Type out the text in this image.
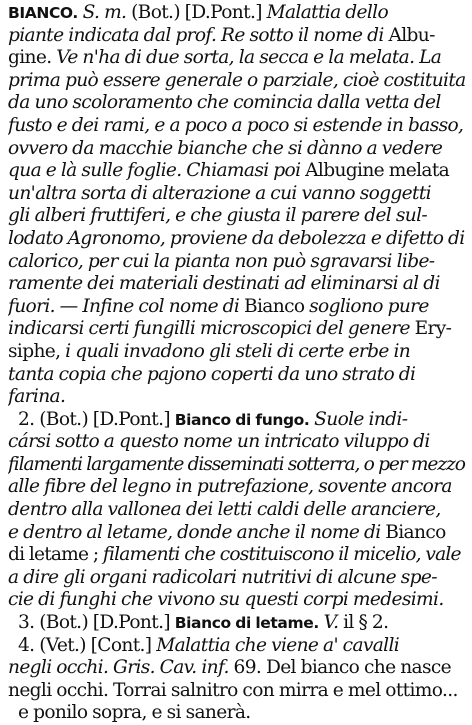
BIANCO. S. m. (Bot.) [D.Pont.] Malattia dello
piante indicata dal prof. Re sotto il nome di Albu-
gine. Ve n'ha di due sorta, la secca e la melata. La
prima può essere generale o parziale, cioè costituita
da uno scoloramento che comincia dalla vetta del
fusto e dei rami, e a poco a poco si estende in basso,
ovvero da macchie bianche che si dànno a vedere
qua e là sulle foglie. Chiamasi poi Albugine melata
un'altra sorta di alterazione a cui vanno soggetti
gli alberi fruttiferi, e che giusta il parere del sul-
lodato Agronomo, proviene da debolezza e difetto di
calorico, per cui la pianta non può sgravarsi libe-
ramente dei materiali destinati ad eliminarsi al di
fuori. — Infine col nome di Bianco sogliono pure
indicarsi certi fungilli microscopici del genere Ery-
siphe, i quali invadono gli steli di certe erbe in
tanta copia che pajono coperti da uno strato di
farina.
2. (Bot.) [D.Pont.] Bianco di fungo. Suole indi-
cársi sotto a questo nome un intricato viluppo di
filamenti largamente disseminati sotterra, o per mezzo
alle fibre del legno in putrefazione, sovente ancora
dentro alla vallonea dei letti caldi delle aranciere,
e dentro al letame, donde anche il nome di Bianco
di letame ; filamenti che costituiscono il micelio, vale
a dire gli organi radicolari nutritivi di alcune spe-
cie di funghi che vivono su questi corpi medesimi.
3. (Bot.) [D.Pont.] Bianco di letame. V. il § 2.
4. (Vet.) [Cont.] Malattia che viene a' cavalli
negli occhi. Gris. Cav. inf. 69. Del bianco che nasce
negli occhi. Torrai salnitro con mirra e mel ottimo...
e ponilo sopra, e si sanerà.
